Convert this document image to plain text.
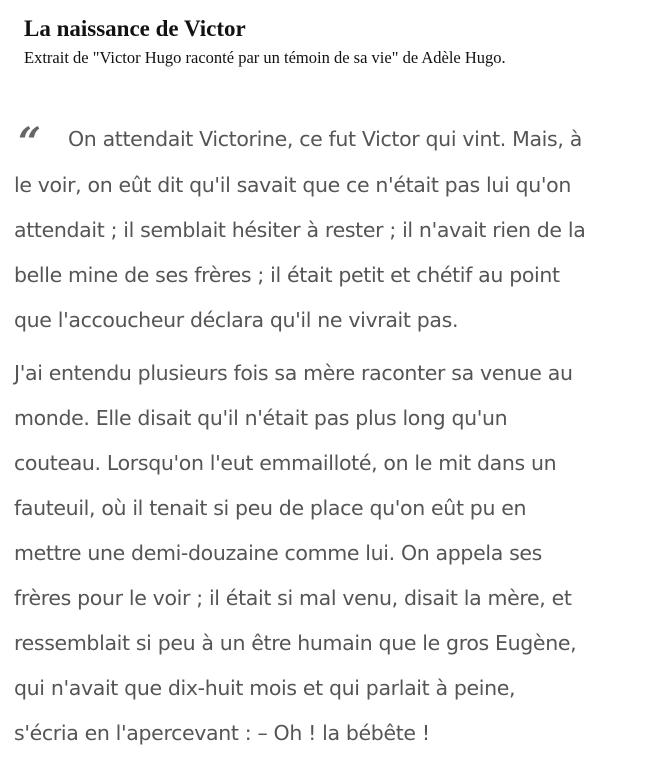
La naissance de Victor

Extrait de "Victor Hugo raconté par un témoin de sa vie" de Adèle Hugo.

“ On attendait Victorine, ce fut Victor qui vint. Mais, à
le voir, on eût dit qu'il savait que ce n'était pas lui qu'on
attendait ; il semblait hésiter à rester ; il n'avait rien de la
belle mine de ses frères ; il était petit et chétif au point
que l'accoucheur déclara qu'il ne vivrait pas.

J'ai entendu plusieurs fois sa mère raconter sa venue au
monde. Elle disait qu'il n'était pas plus long qu'un
couteau. Lorsqu'on l'eut emmailloté, on le mit dans un
fauteuil, où il tenait si peu de place qu'on eût pu en
mettre une demi-douzaine comme lui. On appela ses
frères pour le voir ; il était si mal venu, disait la mère, et
ressemblait si peu à un être humain que le gros Eugène,
qui n'avait que dix-huit mois et qui parlait à peine,
s'écria en l'apercevant : – Oh ! la bébête !
